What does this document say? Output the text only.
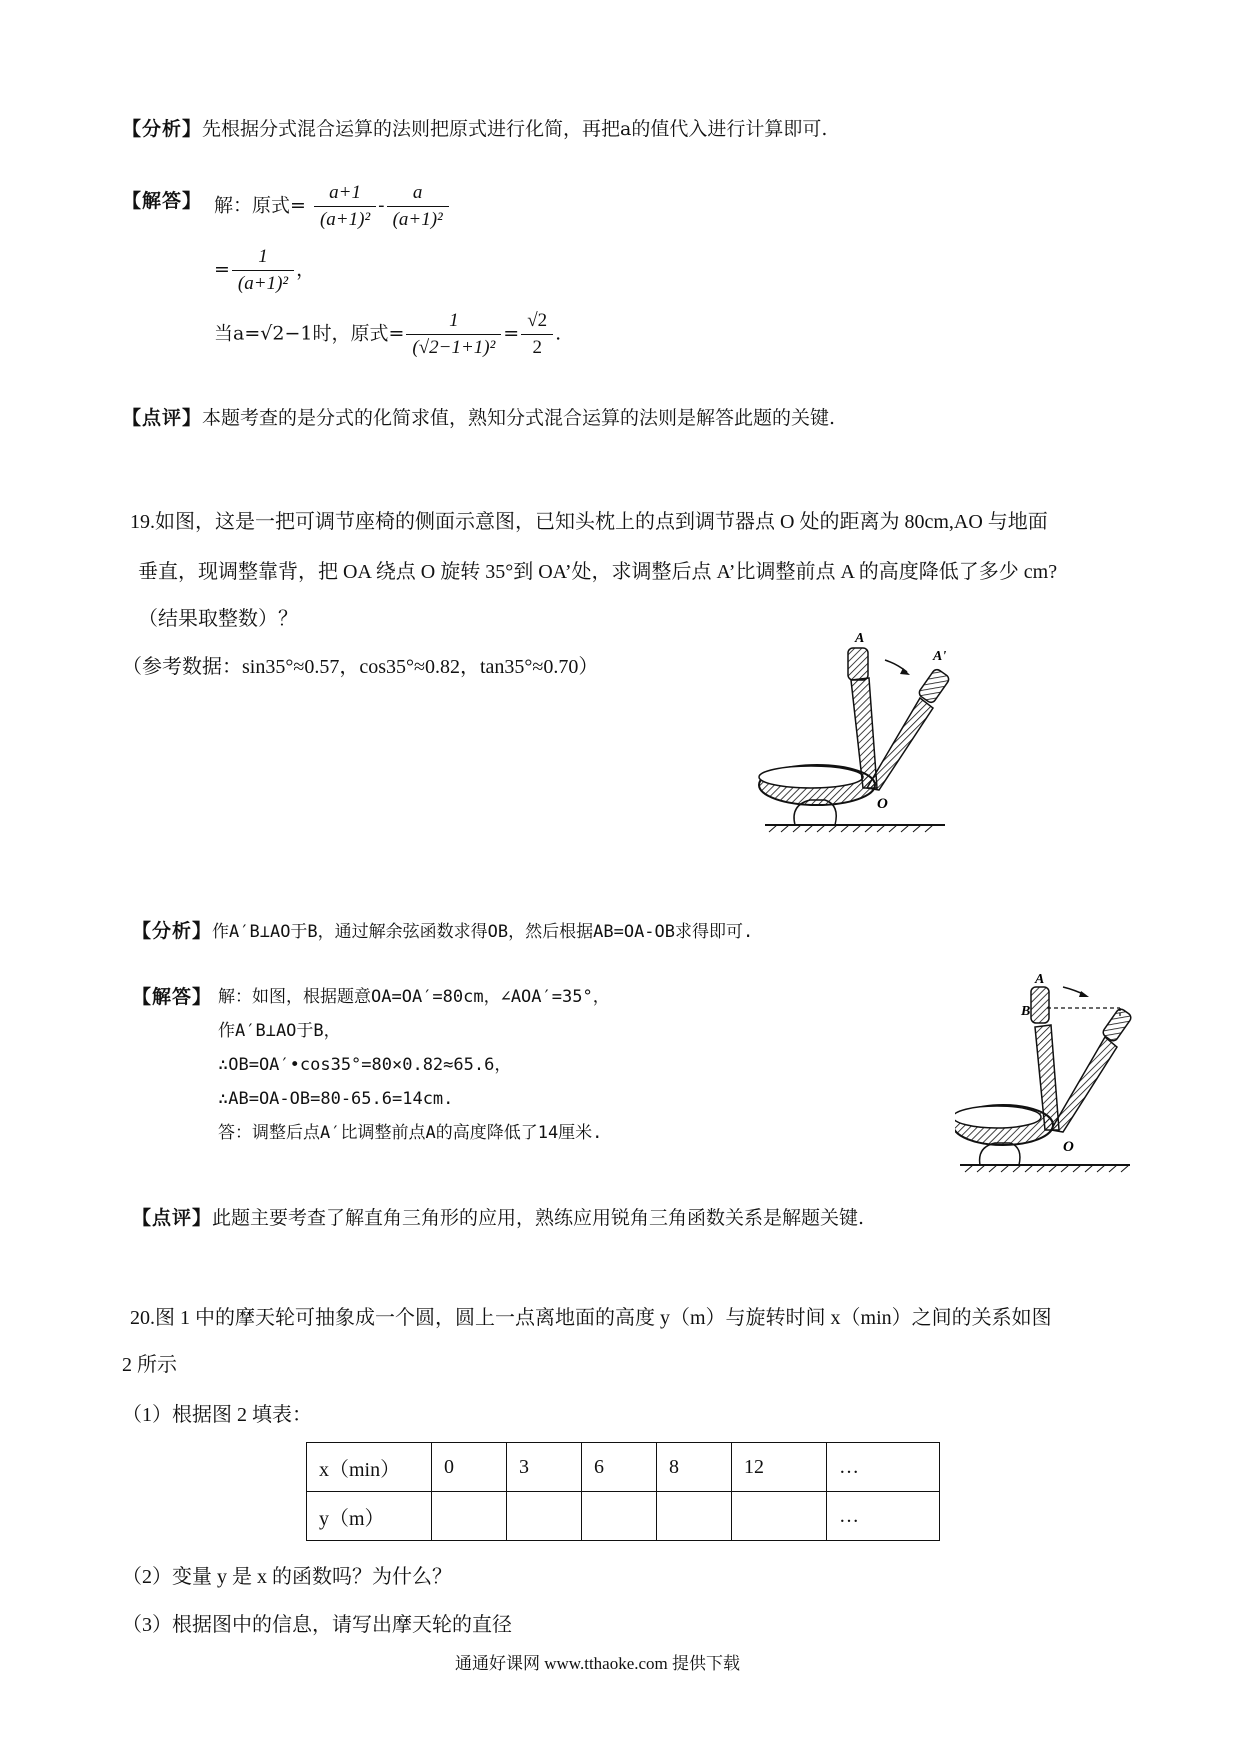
【分析】先根据分式混合运算的法则把原式进行化简，再把a的值代入进行计算即可.
【解答】 解：原式= $\frac{a+1}{\text{(a+1)²}} - \frac{a}{\text{(a+1)²}}$
= $\frac{1}{\text{(a+1)²}}$ ，
当a=√2−1时，原式= $\frac{1}{\text{(√2−1+1)²}} = \frac{√2}{2}$ .
【点评】本题考查的是分式的化简求值，熟知分式混合运算的法则是解答此题的关键.
19.如图，这是一把可调节座椅的侧面示意图，已知头枕上的点到调节器点 O 处的距离为 80cm,AO 与地面
垂直，现调整靠背，把 OA 绕点 O 旋转 35°到 OA’处，求调整后点 A’比调整前点 A 的高度降低了多少 cm?
（结果取整数）？
（参考数据：sin35°≈0.57，cos35°≈0.82，tan35°≈0.70）
A
A'
O
【分析】作A′B⊥AO于B，通过解余弦函数求得OB，然后根据AB=OA-OB求得即可.
【解答】 解：如图，根据题意OA=OA′=80cm，∠AOA′=35°，
作A′B⊥AO于B，
∴OB=OA′•cos35°=80×0.82≈65.6，
∴AB=OA-OB=80-65.6=14cm.
答：调整后点A′比调整前点A的高度降低了14厘米.
A
B
O
【点评】此题主要考查了解直角三角形的应用，熟练应用锐角三角函数关系是解题关键.
20.图 1 中的摩天轮可抽象成一个圆，圆上一点离地面的高度 y（m）与旋转时间 x（min）之间的关系如图
2 所示
（1）根据图 2 填表：
x（min）	0	3	6	8	12	…
y（m）						…
（2）变量 y 是 x 的函数吗？为什么？
（3）根据图中的信息，请写出摩天轮的直径
通通好课网 www.tthaoke.com 提供下载
